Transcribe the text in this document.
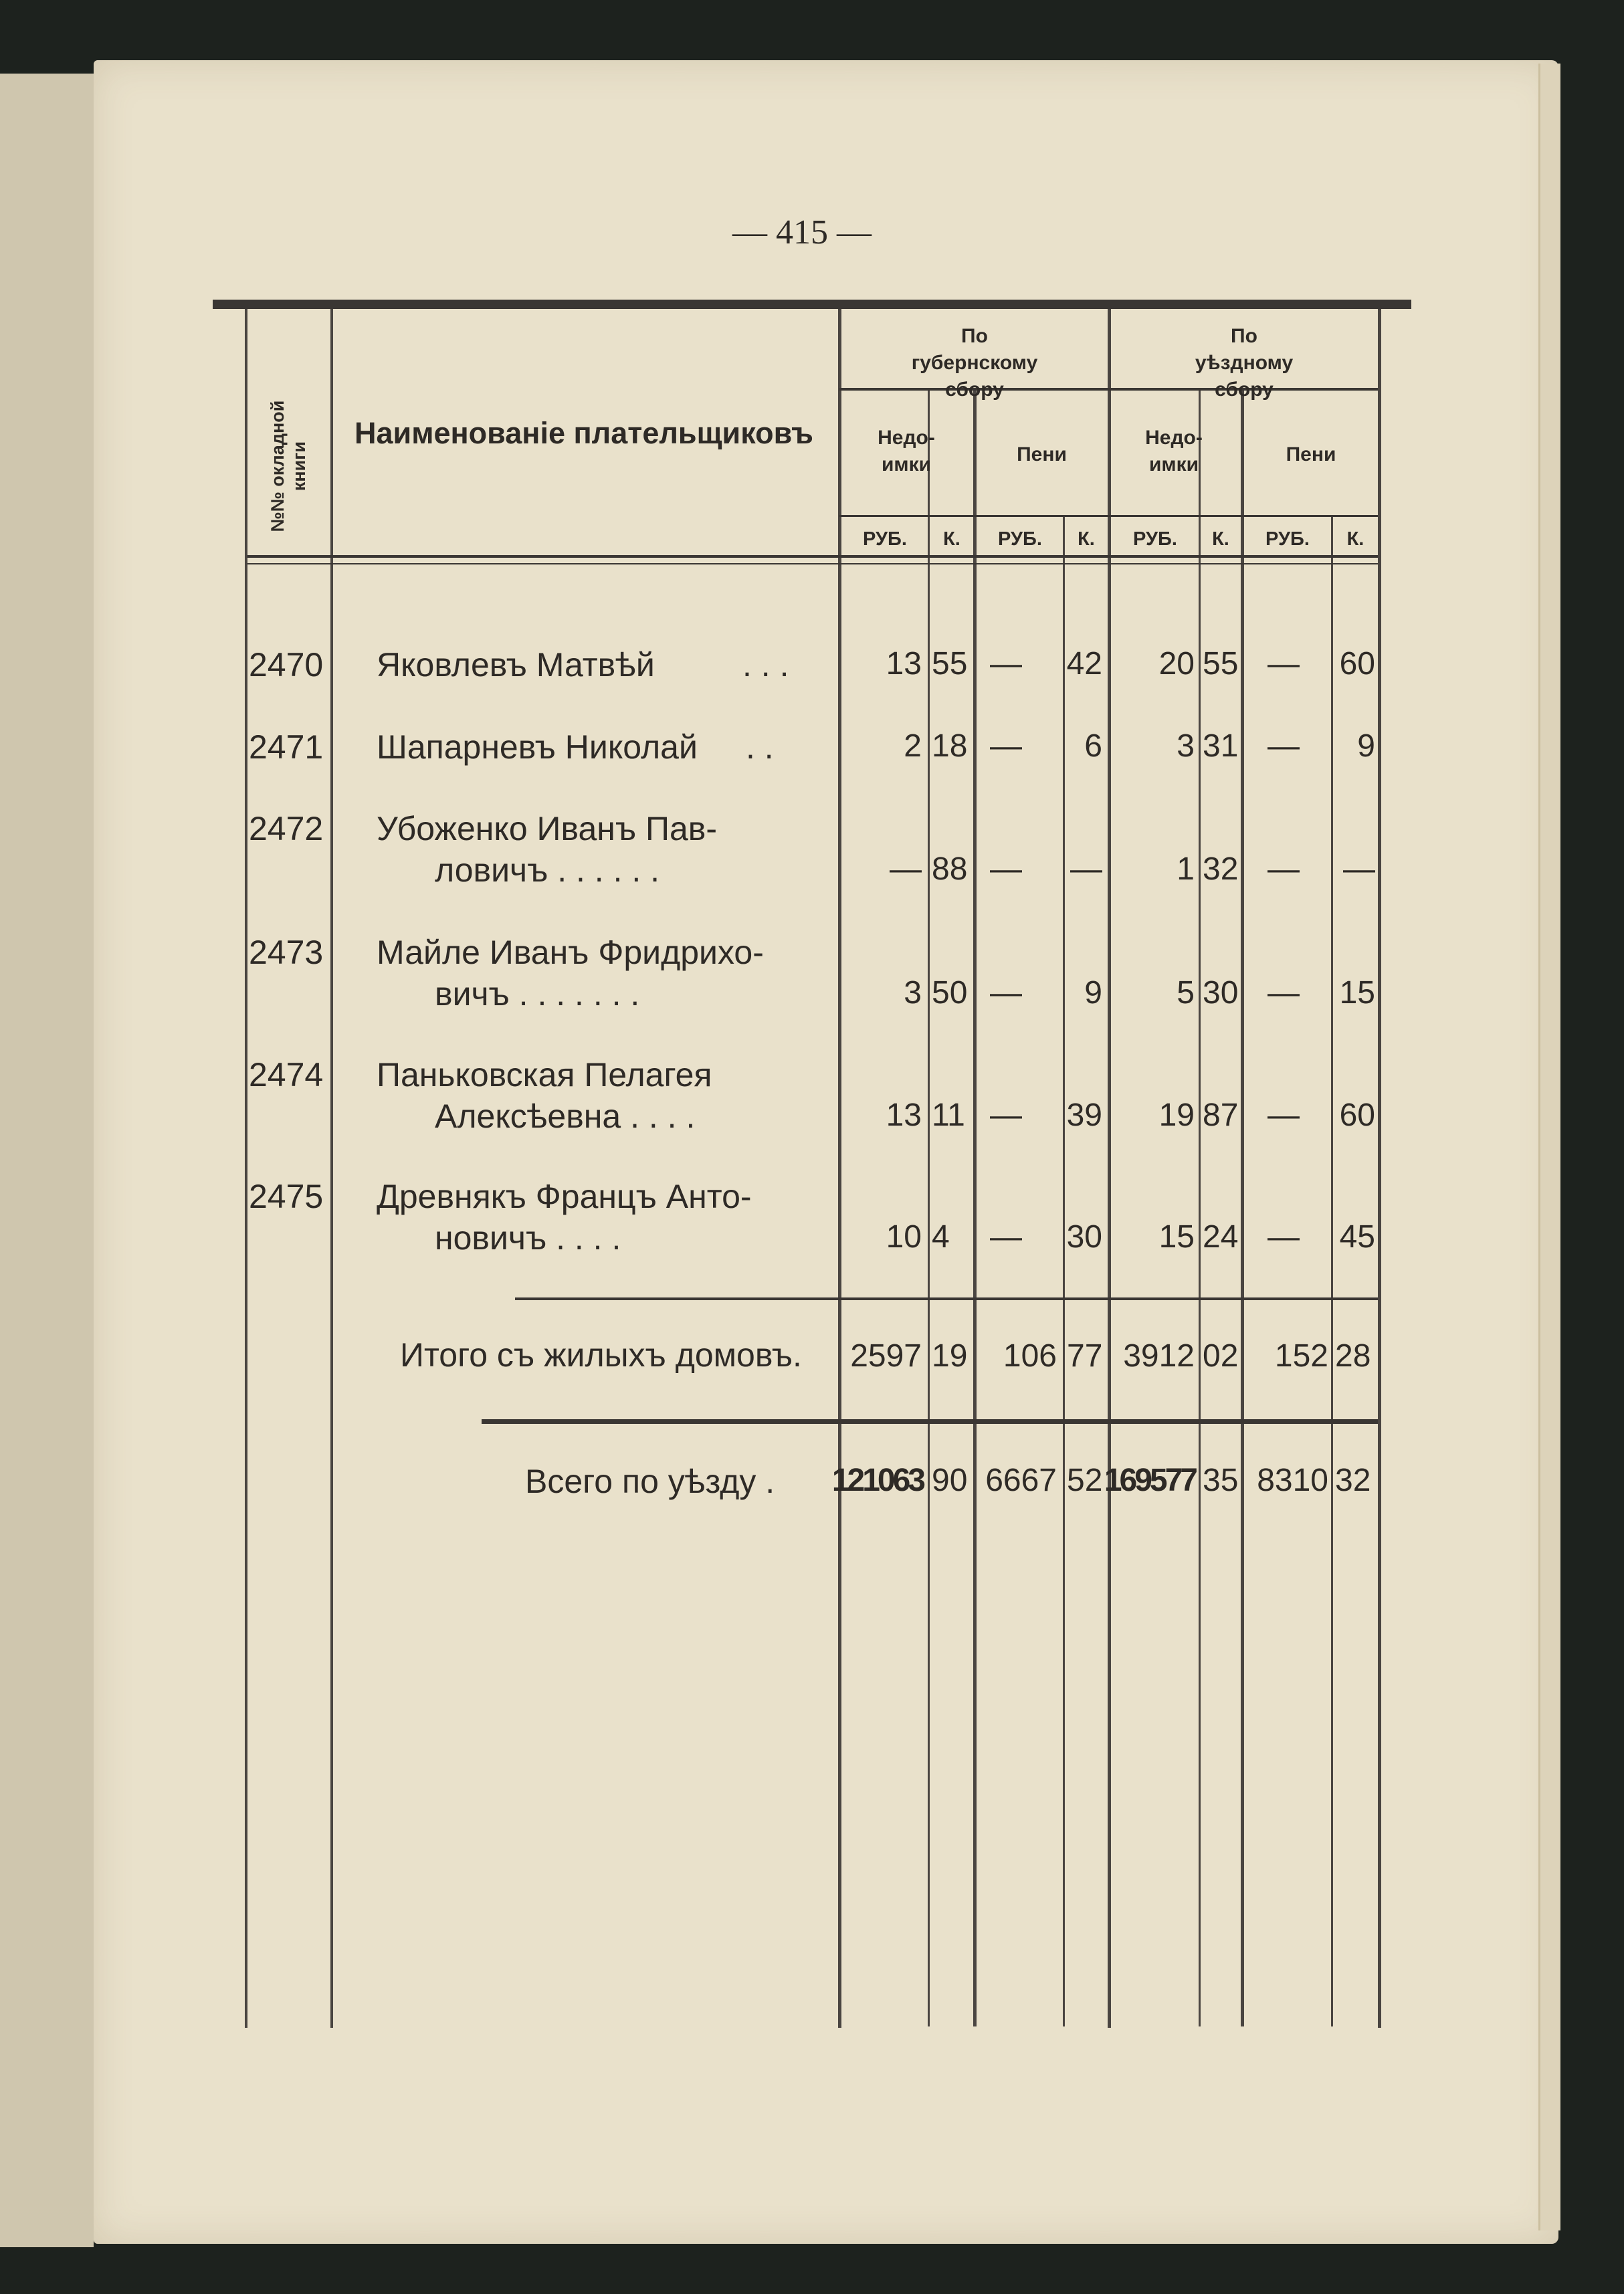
— 415 —
№№ окладной книги
Наименованіе плательщиковъ
По губернскому сбору
По уѣздному сбору
Недо-имки	Пени
Недо-имки	Пени
РУБ.	К.	РУБ.	К.	РУБ.	К.	РУБ.	К.
2470 Яковлевъ Матвѣй	. . .	13 55 — 42 20 55 — 60
2471 Шапарневъ Николай . .	2 18 — 6 3 31 — 9
2472 Убоженко Иванъ Пав-
ловичъ . . . . . .	— 88 — — 1 32 — —
2473 Майле Иванъ Фридрихо-
вичъ . . . . . . .	3 50 — 9 5 30 — 15
2474 Паньковская Пелагея
Алексѣевна . . . .	13 11 — 39 19 87 — 60
2475 Древнякъ Францъ Анто-
новичъ . . . .	10 4 — 30 15 24 — 45
Итого съ жилыхъ домовъ. 2597 19 106 77 3912 02 152 28
Всего по уѣзду . 121063 90 6667 52 169577 35 8310 32
